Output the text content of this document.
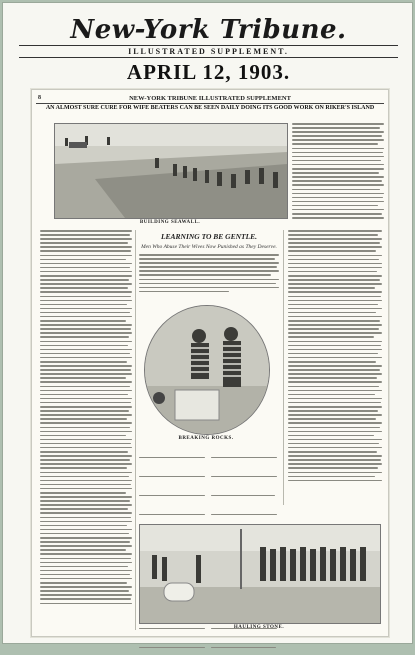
New-York Tribune.
ILLUSTRATED SUPPLEMENT.
APRIL 12, 1903.
8	NEW-YORK TRIBUNE ILLUSTRATED SUPPLEMENT
AN ALMOST SURE CURE FOR WIFE BEATERS CAN BE SEEN DAILY DOING ITS GOOD WORK ON RIKER'S ISLAND
BUILDING SEAWALL.
LEARNING TO BE GENTLE.
Men Who Abuse Their Wives Now Punished as They Deserve.
BREAKING ROCKS.

HAULING STONE.
